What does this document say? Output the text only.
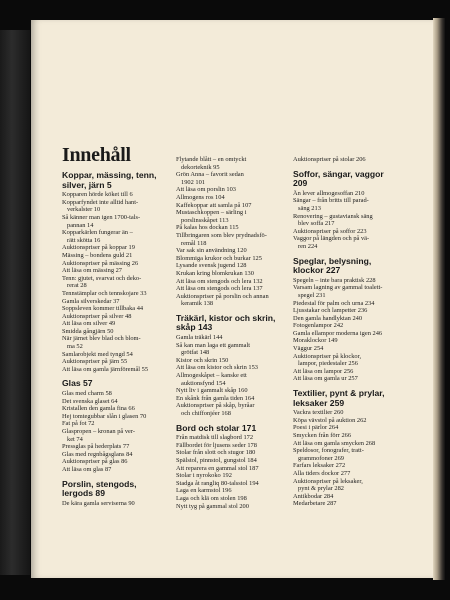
Innehåll
Koppar, mässing, tenn, silver, järn 5
Kopparen hörde köket till 6
Kopparfyndet inte alltid hant-
verkalster 10
Så känner man igen 1700-tals-
pannan 14
Kopparkärlen fungerar än –
rätt skötta 16
Auktionspriser på koppar 19
Mässing – bondens guld 21
Auktionspriser på mässing 26
Att läsa om mässing 27
Tenn: gjutet, svarvat och deko-
rerat 28
Tennstämplar och tennskojare 33
Gamla silverskedar 37
Soppsleven kommer tillbaka 44
Auktionspriser på silver 48
Att läsa om silver 49
Smidda gångjärn 50
När järnet blev blad och blom-
ma 52
Samlarobjekt med tyngd 54
Auktionspriser på järn 55
Att läsa om gamla järnföremål 55
Glas 57
Glas med charm 58
Det svenska glaset 64
Kristallen den gamla fina 66
Hej tomtegubbar slån i glasen 70
Fat på fot 72
Glaspropen – kronan på ver-
ket 74
Pressglas på hederplats 77
Glas med regnbågsglans 84
Auktionspriser på glas 86
Att läsa om glas 87
Porslin, stengods, lergods 89
De kära gamla serviserna 90
Flytande blått – en omtyckt
dekorteknik 95
Grön Anna – favorit sedan
1902 101
Att läsa om porslin 103
Allmogens ros 104
Kaffekoppar att samla på 107
Mustaschkoppen – särling i
porslinsskåpet 113
På kalas hos dockan 115
Tillbringaren som blev prydnadsfö-
remål 118
Var sak sin användning 120
Blommiga krukor och burkar 125
Lysande svensk jugend 128
Krukan kring blomkrukan 130
Att läsa om stengods och lera 132
Att läsa om stengods och lera 137
Auktionspriser på porslin och annan
keramik 138
Träkärl, kistor och skrin, skåp 143
Gamla träkärl 144
Så kan man laga ett gammalt
grötfat 148
Kistor och skrin 150
Att läsa om kistor och skrin 153
Allmogeskåpet – kanske ett
auktionsfynd 154
Nytt liv i gammalt skåp 160
En skånk från gamla tiden 164
Auktionspriser på skåp, byråar
och chiffonjéer 168
Bord och stolar 171
Från matdisk till slagbord 172
Fällbordet för ljusens seder 178
Stolar från slott och stugor 180
Spälstol, pinnstol, gungstol 184
Att reparera en gammal stol 187
Stolar i nyrokoko 192
Stadga åt rangliq 80-talsstol 194
Laga en karmstol 196
Laga och klä om stolen 198
Nytt tyg på gammal stol 200
Auktionspriser på stolar 206
Soffor, sängar, vaggor 209
Än lever allmogesoffan 210
Sängar – från britts till parad-
säng 213
Renovering – gustaviansk säng
blev soffa 217
Auktionspriser på soffor 223
Vaggor på längden och på vä-
ren 224
Speglar, belysning, klockor 227
Spegeln – inte bara praktisk 228
Varsam lagning av gammal toalett-
spegel 231
Piedestal för palm och urna 234
Ljusstakar och lampetter 236
Den gamla handlyktan 240
Fotogenlampor 242
Gamla ellampor moderna igen 246
Moraklockor 149
Väggur 254
Auktionspriser på klockor,
lampor, piedestaler 256
Att läsa om lampor 256
Att läsa om gamla ur 257
Textilier, pynt & prylar, leksaker 259
Vackra textilier 260
Köpa vävstol på auktion 262
Poesi i pärlor 264
Smycken från förr 266
Att läsa om gamla smycken 268
Speldosor, fonografer, tratt-
grammofoner 269
Farfars leksaker 272
Alla tiders dockor 277
Auktionspriser på leksaker,
pynt & prylar 282
Antikbodar 284
Medarbetare 287
